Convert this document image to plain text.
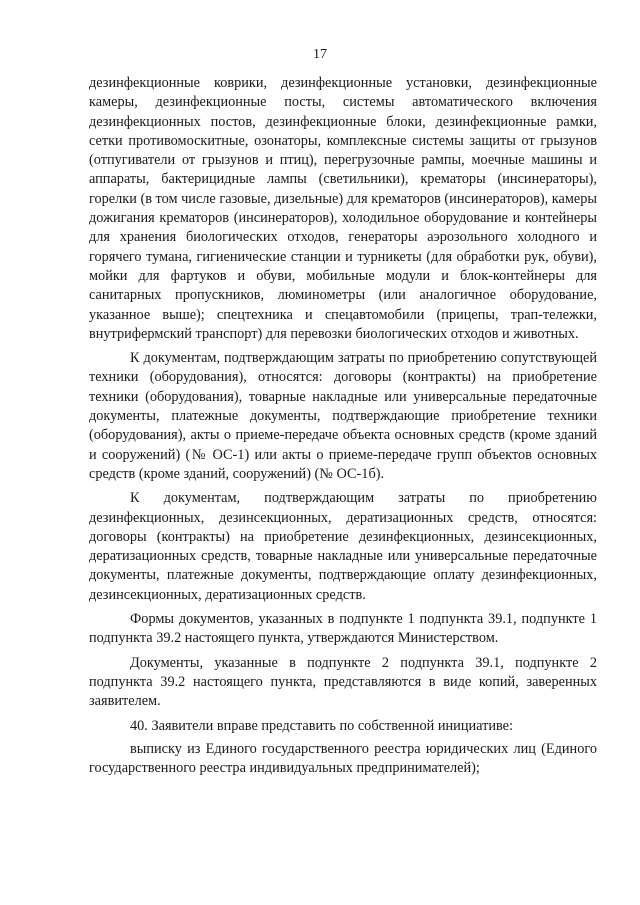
17

дезинфекционные коврики, дезинфекционные установки, дезинфекционные камеры, дезинфекционные посты, системы автоматического включения дезинфекционных постов, дезинфекционные блоки, дезинфекционные рамки, сетки противомоскитные, озонаторы, комплексные системы защиты от грызунов (отпугиватели от грызунов и птиц), перегрузочные рампы, моечные машины и аппараты, бактерицидные лампы (светильники), крематоры (инсинераторы), горелки (в том числе газовые, дизельные) для крематоров (инсинераторов), камеры дожигания крематоров (инсинераторов), холодильное оборудование и контейнеры для хранения биологических отходов, генераторы аэрозольного холодного и горячего тумана, гигиенические станции и турникеты (для обработки рук, обуви), мойки для фартуков и обуви, мобильные модули и блок-контейнеры для санитарных пропускников, люминометры (или аналогичное оборудование, указанное выше); спецтехника и спецавтомобили (прицепы, трап-тележки, внутрифермский транспорт) для перевозки биологических отходов и животных.

К документам, подтверждающим затраты по приобретению сопутствующей техники (оборудования), относятся: договоры (контракты) на приобретение техники (оборудования), товарные накладные или универсальные передаточные документы, платежные документы, подтверждающие приобретение техники (оборудования), акты о приеме-передаче объекта основных средств (кроме зданий и сооружений) (№ ОС-1) или акты о приеме-передаче групп объектов основных средств (кроме зданий, сооружений) (№ ОС-1б).

К документам, подтверждающим затраты по приобретению дезинфекционных, дезинсекционных, дератизационных средств, относятся: договоры (контракты) на приобретение дезинфекционных, дезинсекционных, дератизационных средств, товарные накладные или универсальные передаточные документы, платежные документы, подтверждающие оплату дезинфекционных, дезинсекционных, дератизационных средств.

Формы документов, указанных в подпункте 1 подпункта 39.1, подпункте 1 подпункта 39.2 настоящего пункта, утверждаются Министерством.

Документы, указанные в подпункте 2 подпункта 39.1, подпункте 2 подпункта 39.2 настоящего пункта, представляются в виде копий, заверенных заявителем.

40. Заявители вправе представить по собственной инициативе:

выписку из Единого государственного реестра юридических лиц (Единого государственного реестра индивидуальных предпринимателей);
